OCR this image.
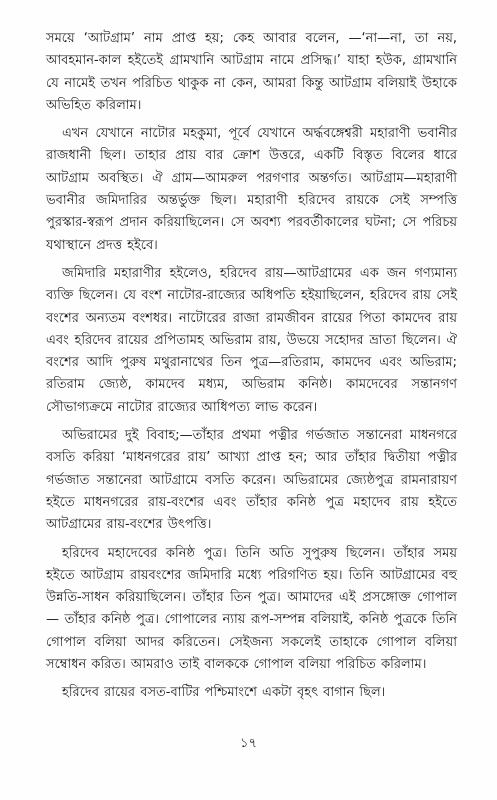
সময়ে ‘আটগ্রাম’ নাম প্রাপ্ত হয়; কেহ আবার বলেন, —‘না—না, তা নয়, আবহমান-কাল হইতেই গ্রামখানি আটগ্রাম নামে প্রসিদ্ধ।’ যাহা হউক, গ্রামখানি যে নামেই তখন পরিচিত থাকুক না কেন, আমরা কিন্তু আটগ্রাম বলিয়াই উহাকে অভিহিত করিলাম।

এখন যেখানে নাটোর মহকুমা, পূর্বে যেখানে অর্দ্ধবঙ্গেশ্বরী মহারাণী ভবানীর রাজধানী ছিল। তাহার প্রায় বার ক্রোশ উত্তরে, একটি বিস্তৃত বিলের ধারে আটগ্রাম অবস্থিত। ঐ গ্রাম—আমরুল পরগণার অন্তর্গত। আটগ্রাম—মহারাণী ভবানীর জমিদারির অন্তর্ভুক্ত ছিল। মহারাণী হরিদেব রায়কে সেই সম্পত্তি পুরস্কার-স্বরূপ প্রদান করিয়াছিলেন। সে অবশ্য পরবর্তীকালের ঘটনা; সে পরিচয় যথাস্থানে প্রদত্ত হইবে।

জমিদারি মহারাণীর হইলেও, হরিদেব রায়—আটগ্রামের এক জন গণ্যমান্য ব্যক্তি ছিলেন। যে বংশ নাটোর-রাজ্যের অধিপতি হইয়াছিলেন, হরিদেব রায় সেই বংশের অন্যতম বংশধর। নাটোরের রাজা রামজীবন রায়ের পিতা কামদেব রায় এবং হরিদেব রায়ের প্রপিতামহ অভিরাম রায়, উভয়ে সহোদর ভ্রাতা ছিলেন। ঐ বংশের আদি পুরুষ মথুরানাথের তিন পুত্র—রতিরাম, কামদেব এবং অভিরাম; রতিরাম জ্যেষ্ঠ, কামদেব মধ্যম, অভিরাম কনিষ্ঠ। কামদেবের সন্তানগণ সৌভাগ্যক্রমে নাটোর রাজ্যের আধিপত্য লাভ করেন।

অভিরামের দুই বিবাহ;—তাঁহার প্রথমা পত্নীর গর্ভজাত সন্তানেরা মাধনগরে বসতি করিয়া ‘মাধনগরের রায়’ আখ্যা প্রাপ্ত হন; আর তাঁহার দ্বিতীয়া পত্নীর গর্ভজাত সন্তানেরা আটগ্রামে বসতি করেন। অভিরামের জ্যেষ্ঠপুত্র রামনারায়ণ হইতে মাধনগরের রায়-বংশের এবং তাঁহার কনিষ্ঠ পুত্র মহাদেব রায় হইতে আটগ্রামের রায়-বংশের উৎপত্তি।

হরিদেব মহাদেবের কনিষ্ঠ পুত্র। তিনি অতি সুপুরুষ ছিলেন। তাঁহার সময় হইতে আটগ্রাম রায়বংশের জমিদারি মধ্যে পরিগণিত হয়। তিনি আটগ্রামের বহু উন্নতি-সাধন করিয়াছিলেন। তাঁহার তিন পুত্র। আমাদের এই প্রসঙ্গোক্ত গোপাল— তাঁহার কনিষ্ঠ পুত্র। গোপালের ন্যায় রূপ-সম্পন্ন বলিয়াই, কনিষ্ঠ পুত্রকে তিনি গোপাল বলিয়া আদর করিতেন। সেইজন্য সকলেই তাহাকে গোপাল বলিয়া সম্বোধন করিত। আমরাও তাই বালককে গোপাল বলিয়া পরিচিত করিলাম।

হরিদেব রায়ের বসত-বাটির পশ্চিমাংশে একটা বৃহৎ বাগান ছিল।

১৭
